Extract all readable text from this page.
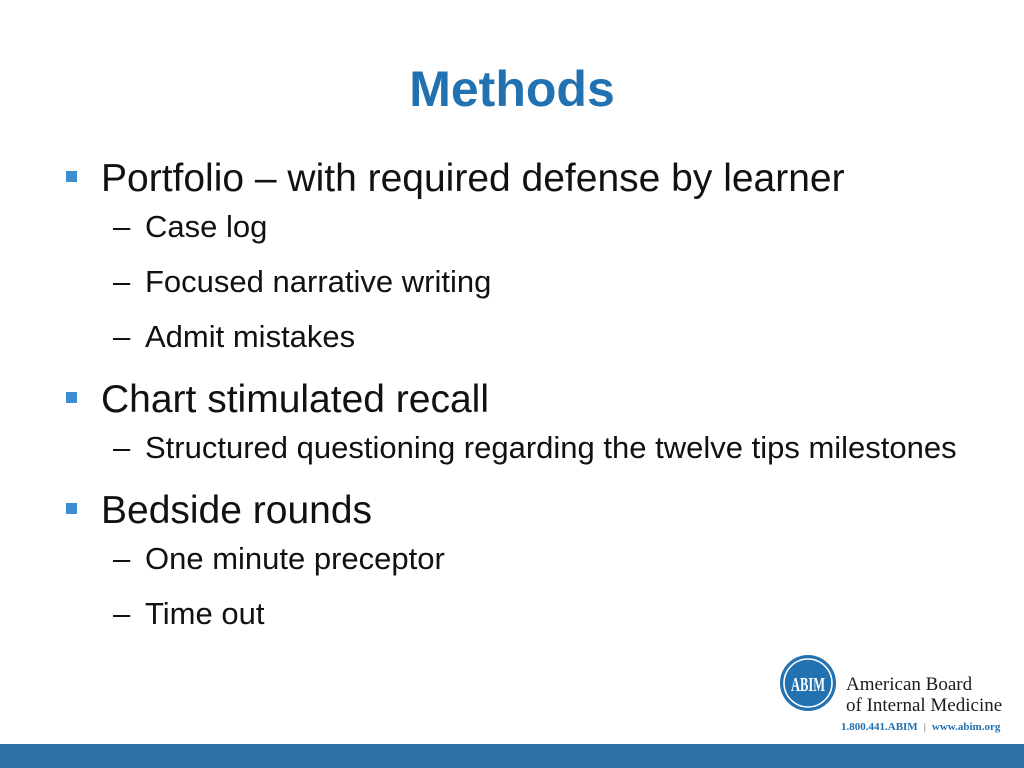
Methods
Portfolio – with required defense by learner
– Case log
– Focused narrative writing
– Admit mistakes
Chart stimulated recall
– Structured questioning regarding the twelve tips milestones
Bedside rounds
– One minute preceptor
– Time out
ABIM American Board
of Internal Medicine
1.800.441.ABIM | www.abim.org
